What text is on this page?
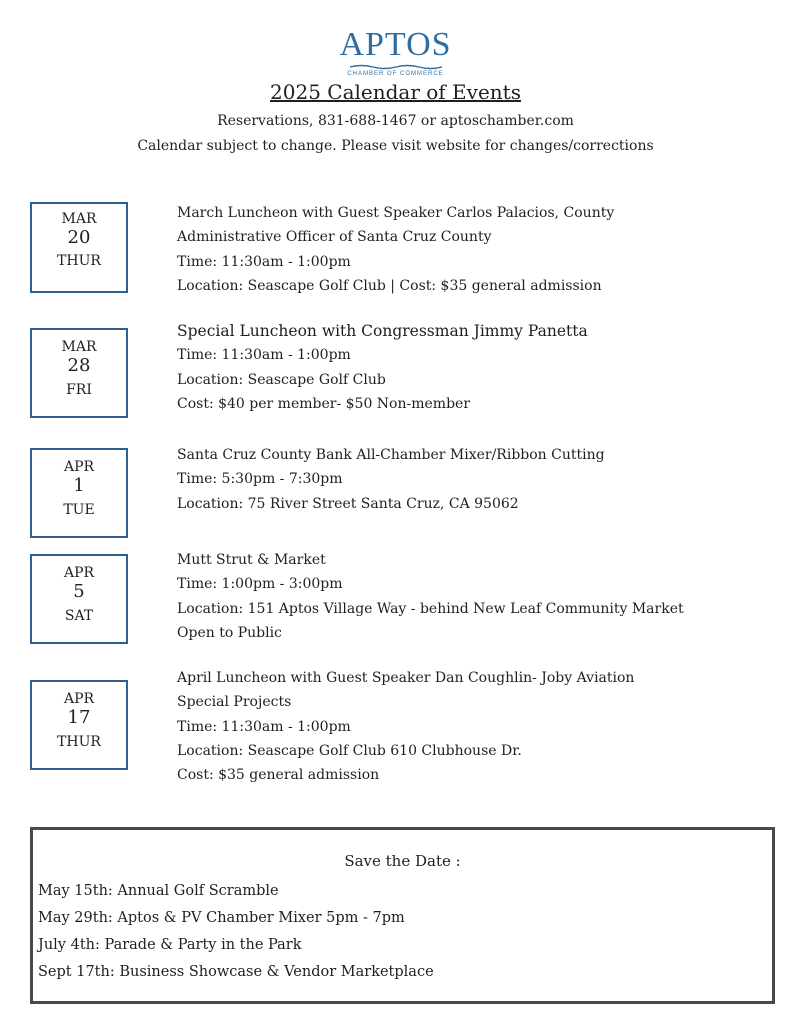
APTOS
CHAMBER OF COMMERCE
2025 Calendar of Events
Reservations, 831-688-1467 or aptoschamber.com
Calendar subject to change. Please visit website for changes/corrections
MAR
20
THUR
March Luncheon with Guest Speaker Carlos Palacios, County
Administrative Officer of Santa Cruz County
Time: 11:30am - 1:00pm
Location: Seascape Golf Club | Cost: $35 general admission
MAR
28
FRI
Special Luncheon with Congressman Jimmy Panetta
Time: 11:30am - 1:00pm
Location: Seascape Golf Club
Cost: $40 per member- $50 Non-member
APR
1
TUE
Santa Cruz County Bank All-Chamber Mixer/Ribbon Cutting
Time: 5:30pm - 7:30pm
Location: 75 River Street Santa Cruz, CA 95062
APR
5
SAT
Mutt Strut & Market
Time: 1:00pm - 3:00pm
Location: 151 Aptos Village Way - behind New Leaf Community Market
Open to Public
APR
17
THUR
April Luncheon with Guest Speaker Dan Coughlin- Joby Aviation
Special Projects
Time: 11:30am - 1:00pm
Location: Seascape Golf Club 610 Clubhouse Dr.
Cost: $35 general admission
Save the Date :
May 15th: Annual Golf Scramble
May 29th: Aptos & PV Chamber Mixer 5pm - 7pm
July 4th: Parade & Party in the Park
Sept 17th: Business Showcase & Vendor Marketplace
